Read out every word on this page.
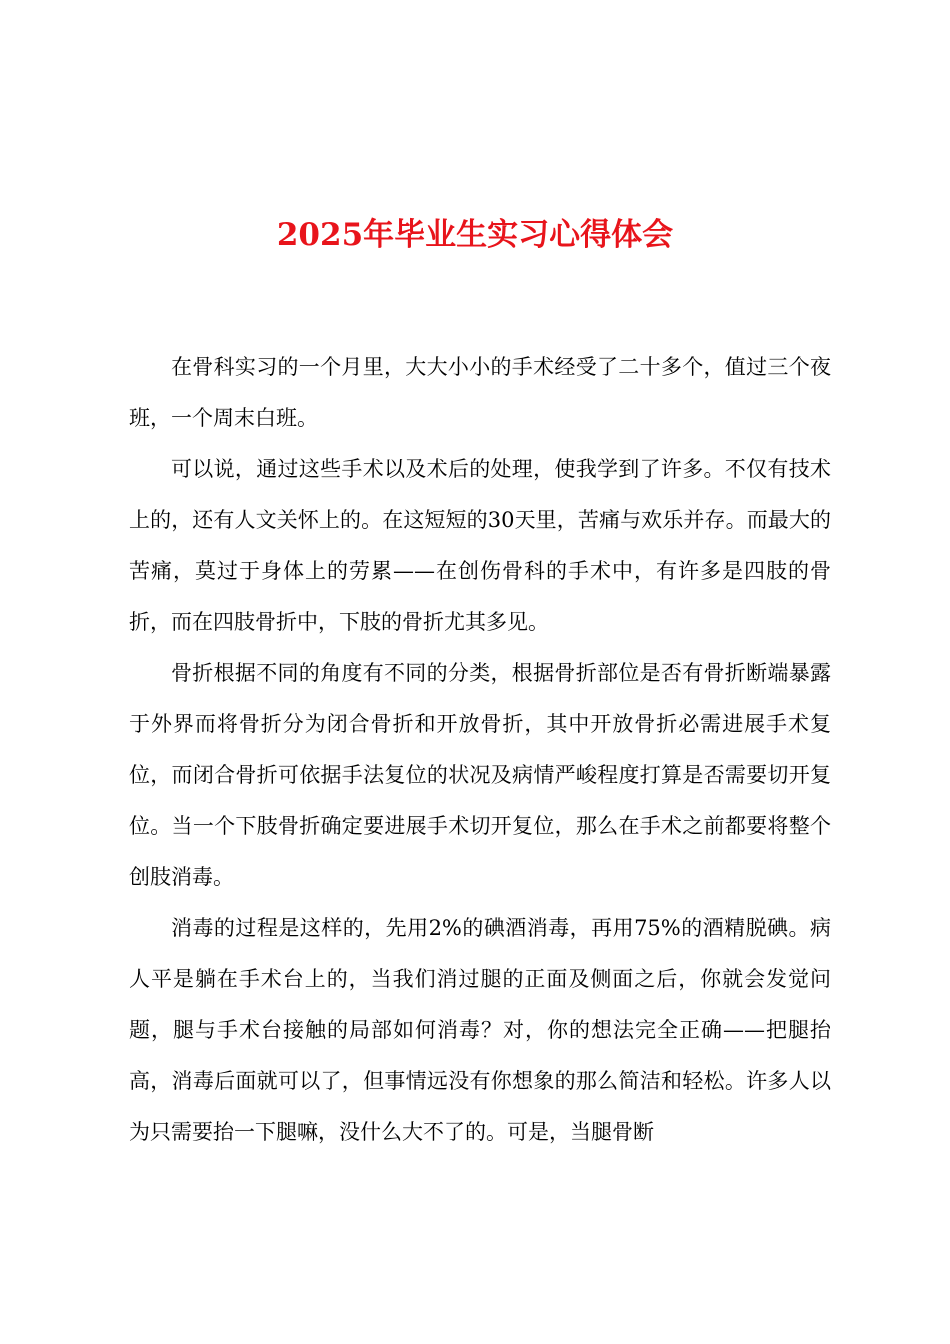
2025年毕业生实习心得体会

在骨科实习的一个月里，大大小小的手术经受了二十多个，值过三个夜班，一个周末白班。

可以说，通过这些手术以及术后的处理，使我学到了许多。不仅有技术上的，还有人文关怀上的。在这短短的30天里，苦痛与欢乐并存。而最大的苦痛，莫过于身体上的劳累——在创伤骨科的手术中，有许多是四肢的骨折，而在四肢骨折中，下肢的骨折尤其多见。

骨折根据不同的角度有不同的分类，根据骨折部位是否有骨折断端暴露于外界而将骨折分为闭合骨折和开放骨折，其中开放骨折必需进展手术复位，而闭合骨折可依据手法复位的状况及病情严峻程度打算是否需要切开复位。当一个下肢骨折确定要进展手术切开复位，那么在手术之前都要将整个创肢消毒。

消毒的过程是这样的，先用2%的碘酒消毒，再用75%的酒精脱碘。病人平是躺在手术台上的，当我们消过腿的正面及侧面之后，你就会发觉问题，腿与手术台接触的局部如何消毒？对，你的想法完全正确——把腿抬高，消毒后面就可以了，但事情远没有你想象的那么简洁和轻松。许多人以为只需要抬一下腿嘛，没什么大不了的。可是，当腿骨断
